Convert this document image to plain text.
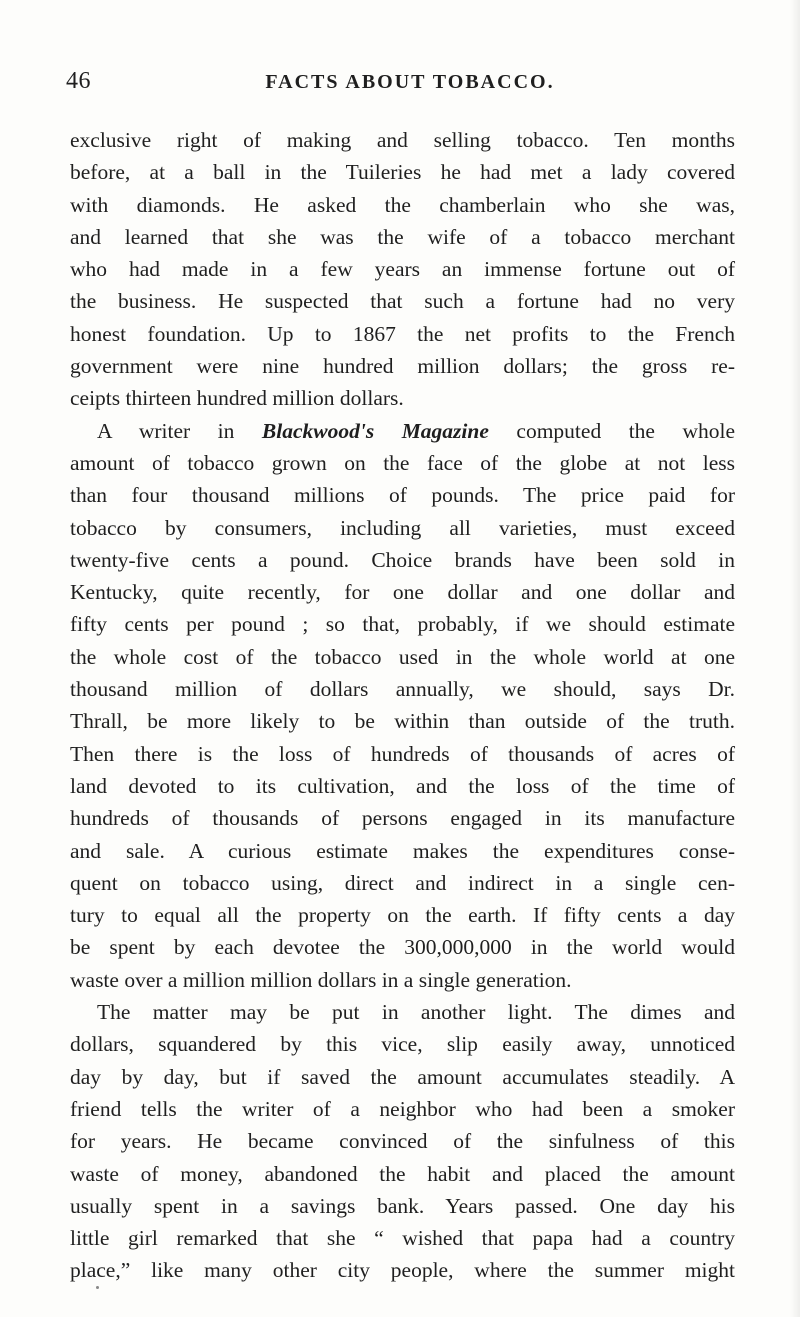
46	FACTS ABOUT TOBACCO.
exclusive right of making and selling tobacco. Ten months
before, at a ball in the Tuileries he had met a lady covered
with diamonds. He asked the chamberlain who she was,
and learned that she was the wife of a tobacco merchant
who had made in a few years an immense fortune out of
the business. He suspected that such a fortune had no very
honest foundation. Up to 1867 the net profits to the French
government were nine hundred million dollars; the gross re-
ceipts thirteen hundred million dollars.
A writer in Blackwood's Magazine computed the whole
amount of tobacco grown on the face of the globe at not less
than four thousand millions of pounds. The price paid for
tobacco by consumers, including all varieties, must exceed
twenty-five cents a pound. Choice brands have been sold in
Kentucky, quite recently, for one dollar and one dollar and
fifty cents per pound ; so that, probably, if we should estimate
the whole cost of the tobacco used in the whole world at one
thousand million of dollars annually, we should, says Dr.
Thrall, be more likely to be within than outside of the truth.
Then there is the loss of hundreds of thousands of acres of
land devoted to its cultivation, and the loss of the time of
hundreds of thousands of persons engaged in its manufacture
and sale. A curious estimate makes the expenditures conse-
quent on tobacco using, direct and indirect in a single cen-
tury to equal all the property on the earth. If fifty cents a day
be spent by each devotee the 300,000,000 in the world would
waste over a million million dollars in a single generation.
The matter may be put in another light. The dimes and
dollars, squandered by this vice, slip easily away, unnoticed
day by day, but if saved the amount accumulates steadily. A
friend tells the writer of a neighbor who had been a smoker
for years. He became convinced of the sinfulness of this
waste of money, abandoned the habit and placed the amount
usually spent in a savings bank. Years passed. One day his
little girl remarked that she “ wished that papa had a country
place,” like many other city people, where the summer might
